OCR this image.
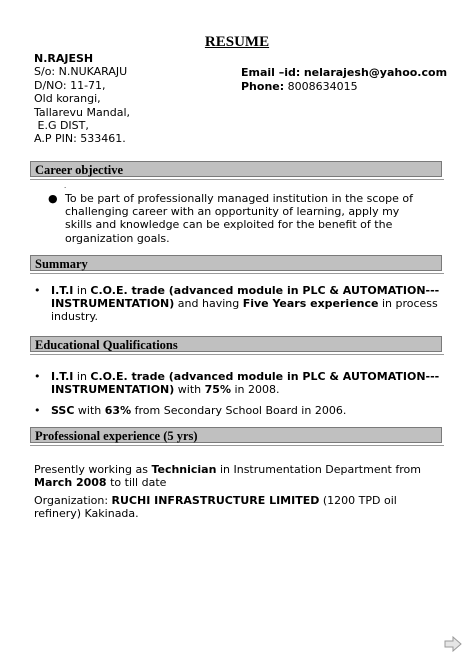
RESUME
N.RAJESH
S/o: N.NUKARAJU
D/NO: 11-71,
Old korangi,
Tallarevu Mandal,
E.G DIST,
A.P PIN: 533461.
Email –id: nelarajesh@yahoo.com
Phone: 8008634015
Career objective
.
● To be part of professionally managed institution in the scope of challenging career with an opportunity of learning, apply my skills and knowledge can be exploited for the benefit of the organization goals.
Summary
• I.T.I in C.O.E. trade (advanced module in PLC & AUTOMATION---INSTRUMENTATION) and having Five Years experience in process industry.
Educational Qualifications
• I.T.I in C.O.E. trade (advanced module in PLC & AUTOMATION---INSTRUMENTATION) with 75% in 2008.
• SSC with 63% from Secondary School Board in 2006.
Professional experience (5 yrs)
Presently working as Technician in Instrumentation Department from March 2008 to till date
Organization: RUCHI INFRASTRUCTURE LIMITED (1200 TPD oil refinery) Kakinada.
